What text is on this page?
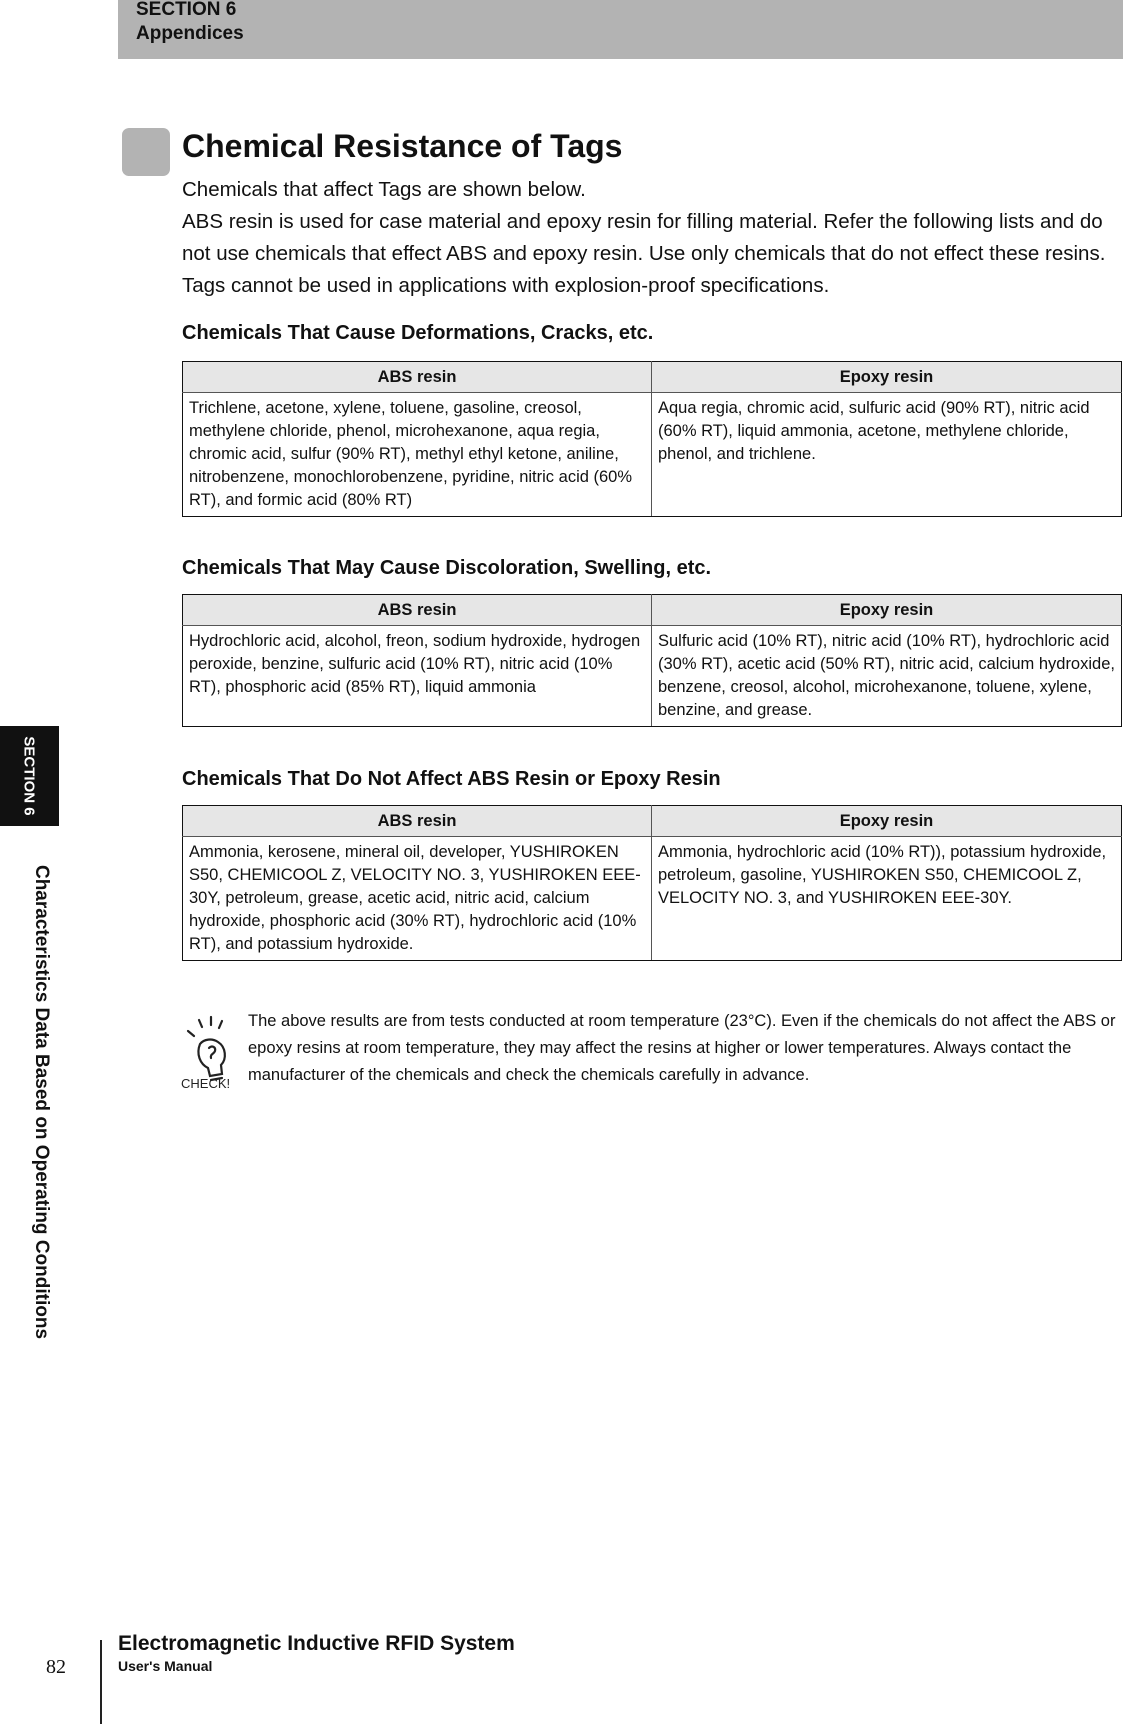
SECTION 6
Appendices
SECTION 6
Characteristics Data Based on Operating Conditions
Chemical Resistance of Tags

Chemicals that affect Tags are shown below.

ABS resin is used for case material and epoxy resin for filling material. Refer the following lists and do not use chemicals that effect ABS and epoxy resin. Use only chemicals that do not effect these resins.

Tags cannot be used in applications with explosion-proof specifications.

Chemicals That Cause Deformations, Cracks, etc.
ABS resin	Epoxy resin
Trichlene, acetone, xylene, toluene, gasoline, creosol, methylene chloride, phenol, microhexanone, aqua regia, chromic acid, sulfur (90% RT), methyl ethyl ketone, aniline, nitrobenzene, monochlorobenzene, pyridine, nitric acid (60% RT), and formic acid (80% RT)	Aqua regia, chromic acid, sulfuric acid (90% RT), nitric acid (60% RT), liquid ammonia, acetone, methylene chloride, phenol, and trichlene.
Chemicals That May Cause Discoloration, Swelling, etc.
ABS resin	Epoxy resin
Hydrochloric acid, alcohol, freon, sodium hydroxide, hydrogen peroxide, benzine, sulfuric acid (10% RT), nitric acid (10% RT), phosphoric acid (85% RT), liquid ammonia	Sulfuric acid (10% RT), nitric acid (10% RT), hydrochloric acid (30% RT), acetic acid (50% RT), nitric acid, calcium hydroxide, benzene, creosol, alcohol, microhexanone, toluene, xylene, benzine, and grease.
Chemicals That Do Not Affect ABS Resin or Epoxy Resin
ABS resin	Epoxy resin
Ammonia, kerosene, mineral oil, developer, YUSHIROKEN S50, CHEMICOOL Z, VELOCITY NO. 3, YUSHIROKEN EEE-30Y, petroleum, grease, acetic acid, nitric acid, calcium hydroxide, phosphoric acid (30% RT), hydrochloric acid (10% RT), and potassium hydroxide.	Ammonia, hydrochloric acid (10% RT)), potassium hydroxide, petroleum, gasoline, YUSHIROKEN S50, CHEMICOOL Z, VELOCITY NO. 3, and YUSHIROKEN EEE-30Y.
CHECK!
The above results are from tests conducted at room temperature (23°C). Even if the chemicals do not affect the ABS or epoxy resins at room temperature, they may affect the resins at higher or lower temperatures. Always contact the manufacturer of the chemicals and check the chemicals carefully in advance.
82
Electromagnetic Inductive RFID System
User's Manual
